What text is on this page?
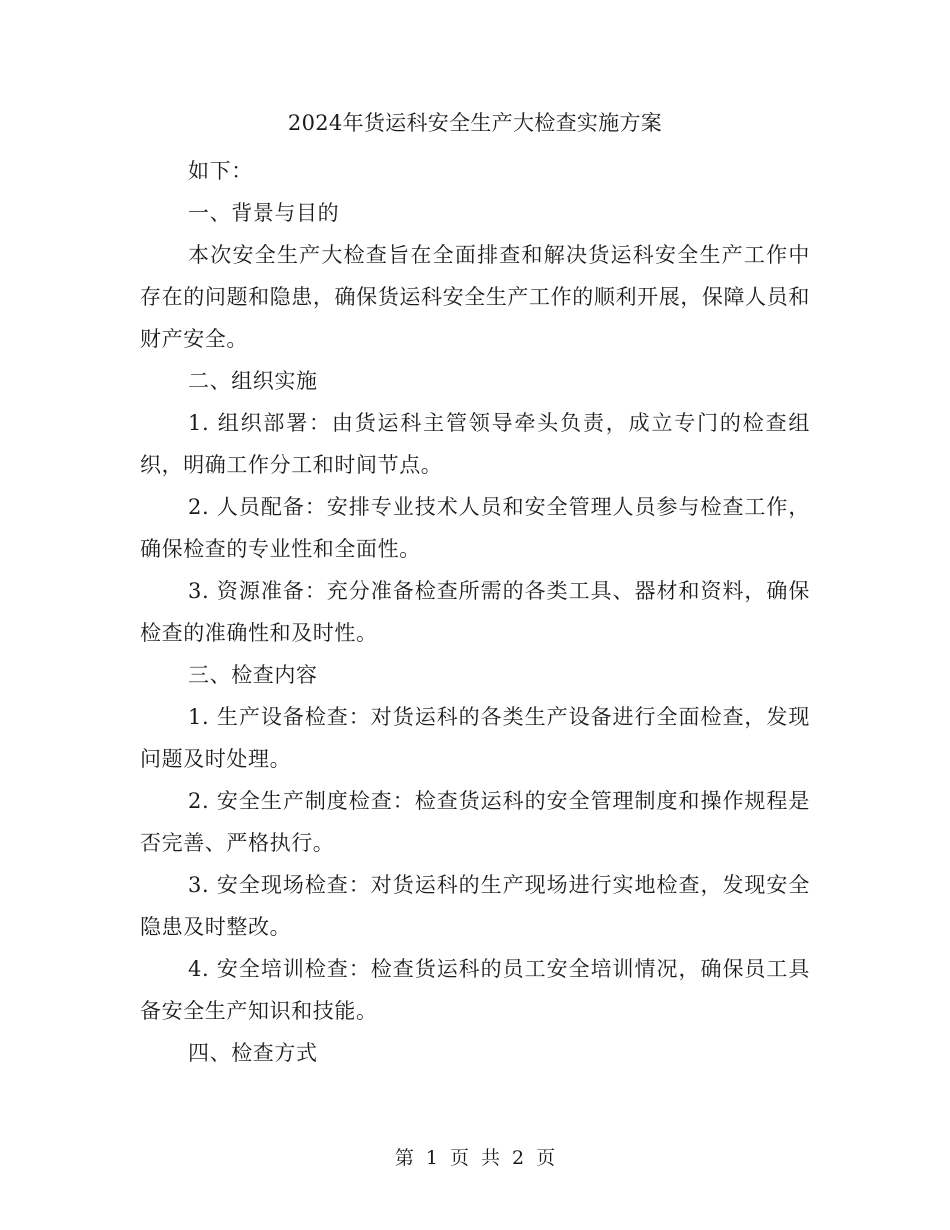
2024年货运科安全生产大检查实施方案

如下：

一、背景与目的

本次安全生产大检查旨在全面排查和解决货运科安全生产工作中存在的问题和隐患，确保货运科安全生产工作的顺利开展，保障人员和财产安全。

二、组织实施

1. 组织部署：由货运科主管领导牵头负责，成立专门的检查组织，明确工作分工和时间节点。

2. 人员配备：安排专业技术人员和安全管理人员参与检查工作，确保检查的专业性和全面性。

3. 资源准备：充分准备检查所需的各类工具、器材和资料，确保检查的准确性和及时性。

三、检查内容

1. 生产设备检查：对货运科的各类生产设备进行全面检查，发现问题及时处理。

2. 安全生产制度检查：检查货运科的安全管理制度和操作规程是否完善、严格执行。

3. 安全现场检查：对货运科的生产现场进行实地检查，发现安全隐患及时整改。

4. 安全培训检查：检查货运科的员工安全培训情况，确保员工具备安全生产知识和技能。

四、检查方式

第 1 页 共 2 页
